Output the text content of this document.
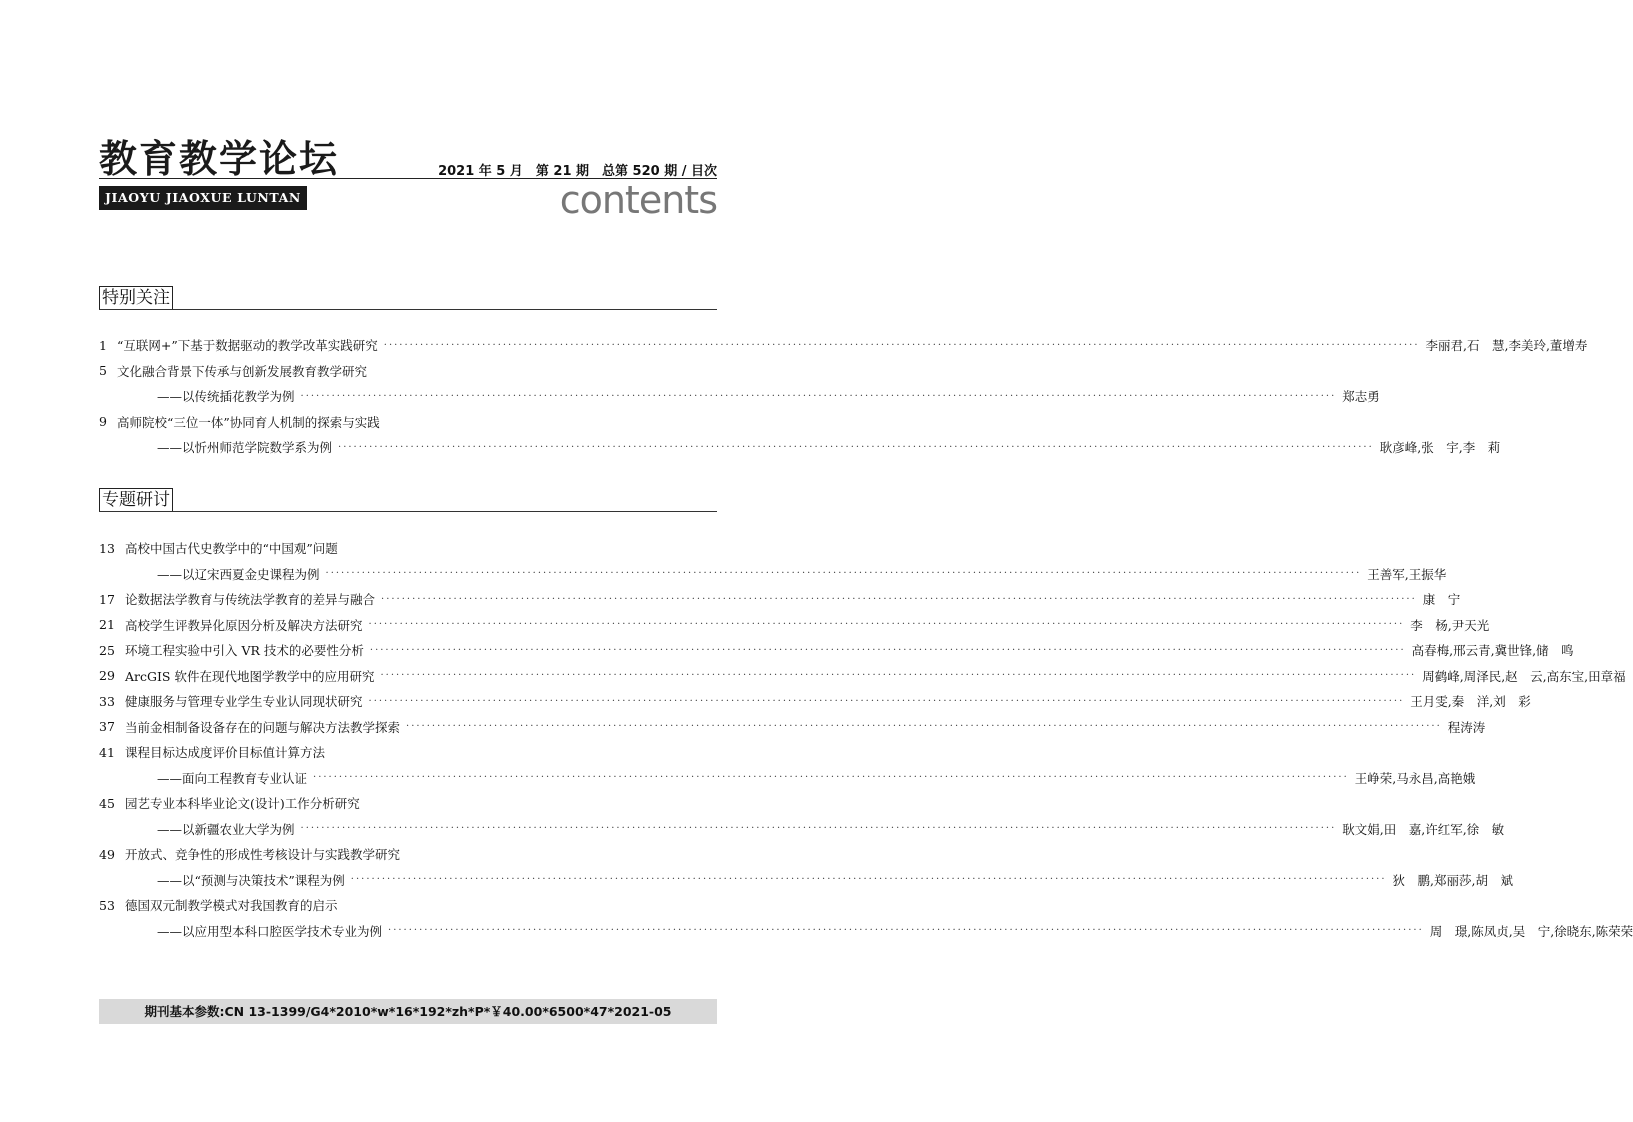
教育教学论坛	2021 年 5 月　第 21 期　总第 520 期 / 目次
JIAOYU JIAOXUE LUNTAN	contents
特别关注
1 “互联网+”下基于数据驱动的教学改革实践研究 ········································································································································································································ 李丽君,石　慧,李美玲,董增寿
5 文化融合背景下传承与创新发展教育教学研究
——以传统插花教学为例 ········································································································································································································ 郑志勇
9 高师院校“三位一体”协同育人机制的探索与实践
——以忻州师范学院数学系为例 ········································································································································································································ 耿彦峰,张　宇,李　莉
专题研讨
13 高校中国古代史教学中的“中国观”问题
——以辽宋西夏金史课程为例 ········································································································································································································ 王善军,王振华
17 论数据法学教育与传统法学教育的差异与融合 ········································································································································································································ 康　宁
21 高校学生评教异化原因分析及解决方法研究 ········································································································································································································ 李　杨,尹天光
25 环境工程实验中引入 VR 技术的必要性分析 ········································································································································································································ 高春梅,邢云青,冀世锋,储　鸣
29 ArcGIS 软件在现代地图学教学中的应用研究 ········································································································································································································ 周鹤峰,周泽民,赵　云,高东宝,田章福
33 健康服务与管理专业学生专业认同现状研究 ········································································································································································································ 王月雯,秦　洋,刘　彩
37 当前金相制备设备存在的问题与解决方法教学探索 ········································································································································································································ 程涛涛
41 课程目标达成度评价目标值计算方法
——面向工程教育专业认证 ········································································································································································································ 王峥荣,马永昌,高艳娥
45 园艺专业本科毕业论文(设计)工作分析研究
——以新疆农业大学为例 ········································································································································································································ 耿文娟,田　嘉,许红军,徐　敏
49 开放式、竞争性的形成性考核设计与实践教学研究
——以“预测与决策技术”课程为例 ········································································································································································································ 狄　鹏,郑丽莎,胡　斌
53 德国双元制教学模式对我国教育的启示
——以应用型本科口腔医学技术专业为例 ········································································································································································································ 周　璟,陈凤贞,吴　宁,徐晓东,陈荣荣
期刊基本参数:CN 13-1399/G4*2010*w*16*192*zh*P*￥40.00*6500*47*2021-05
